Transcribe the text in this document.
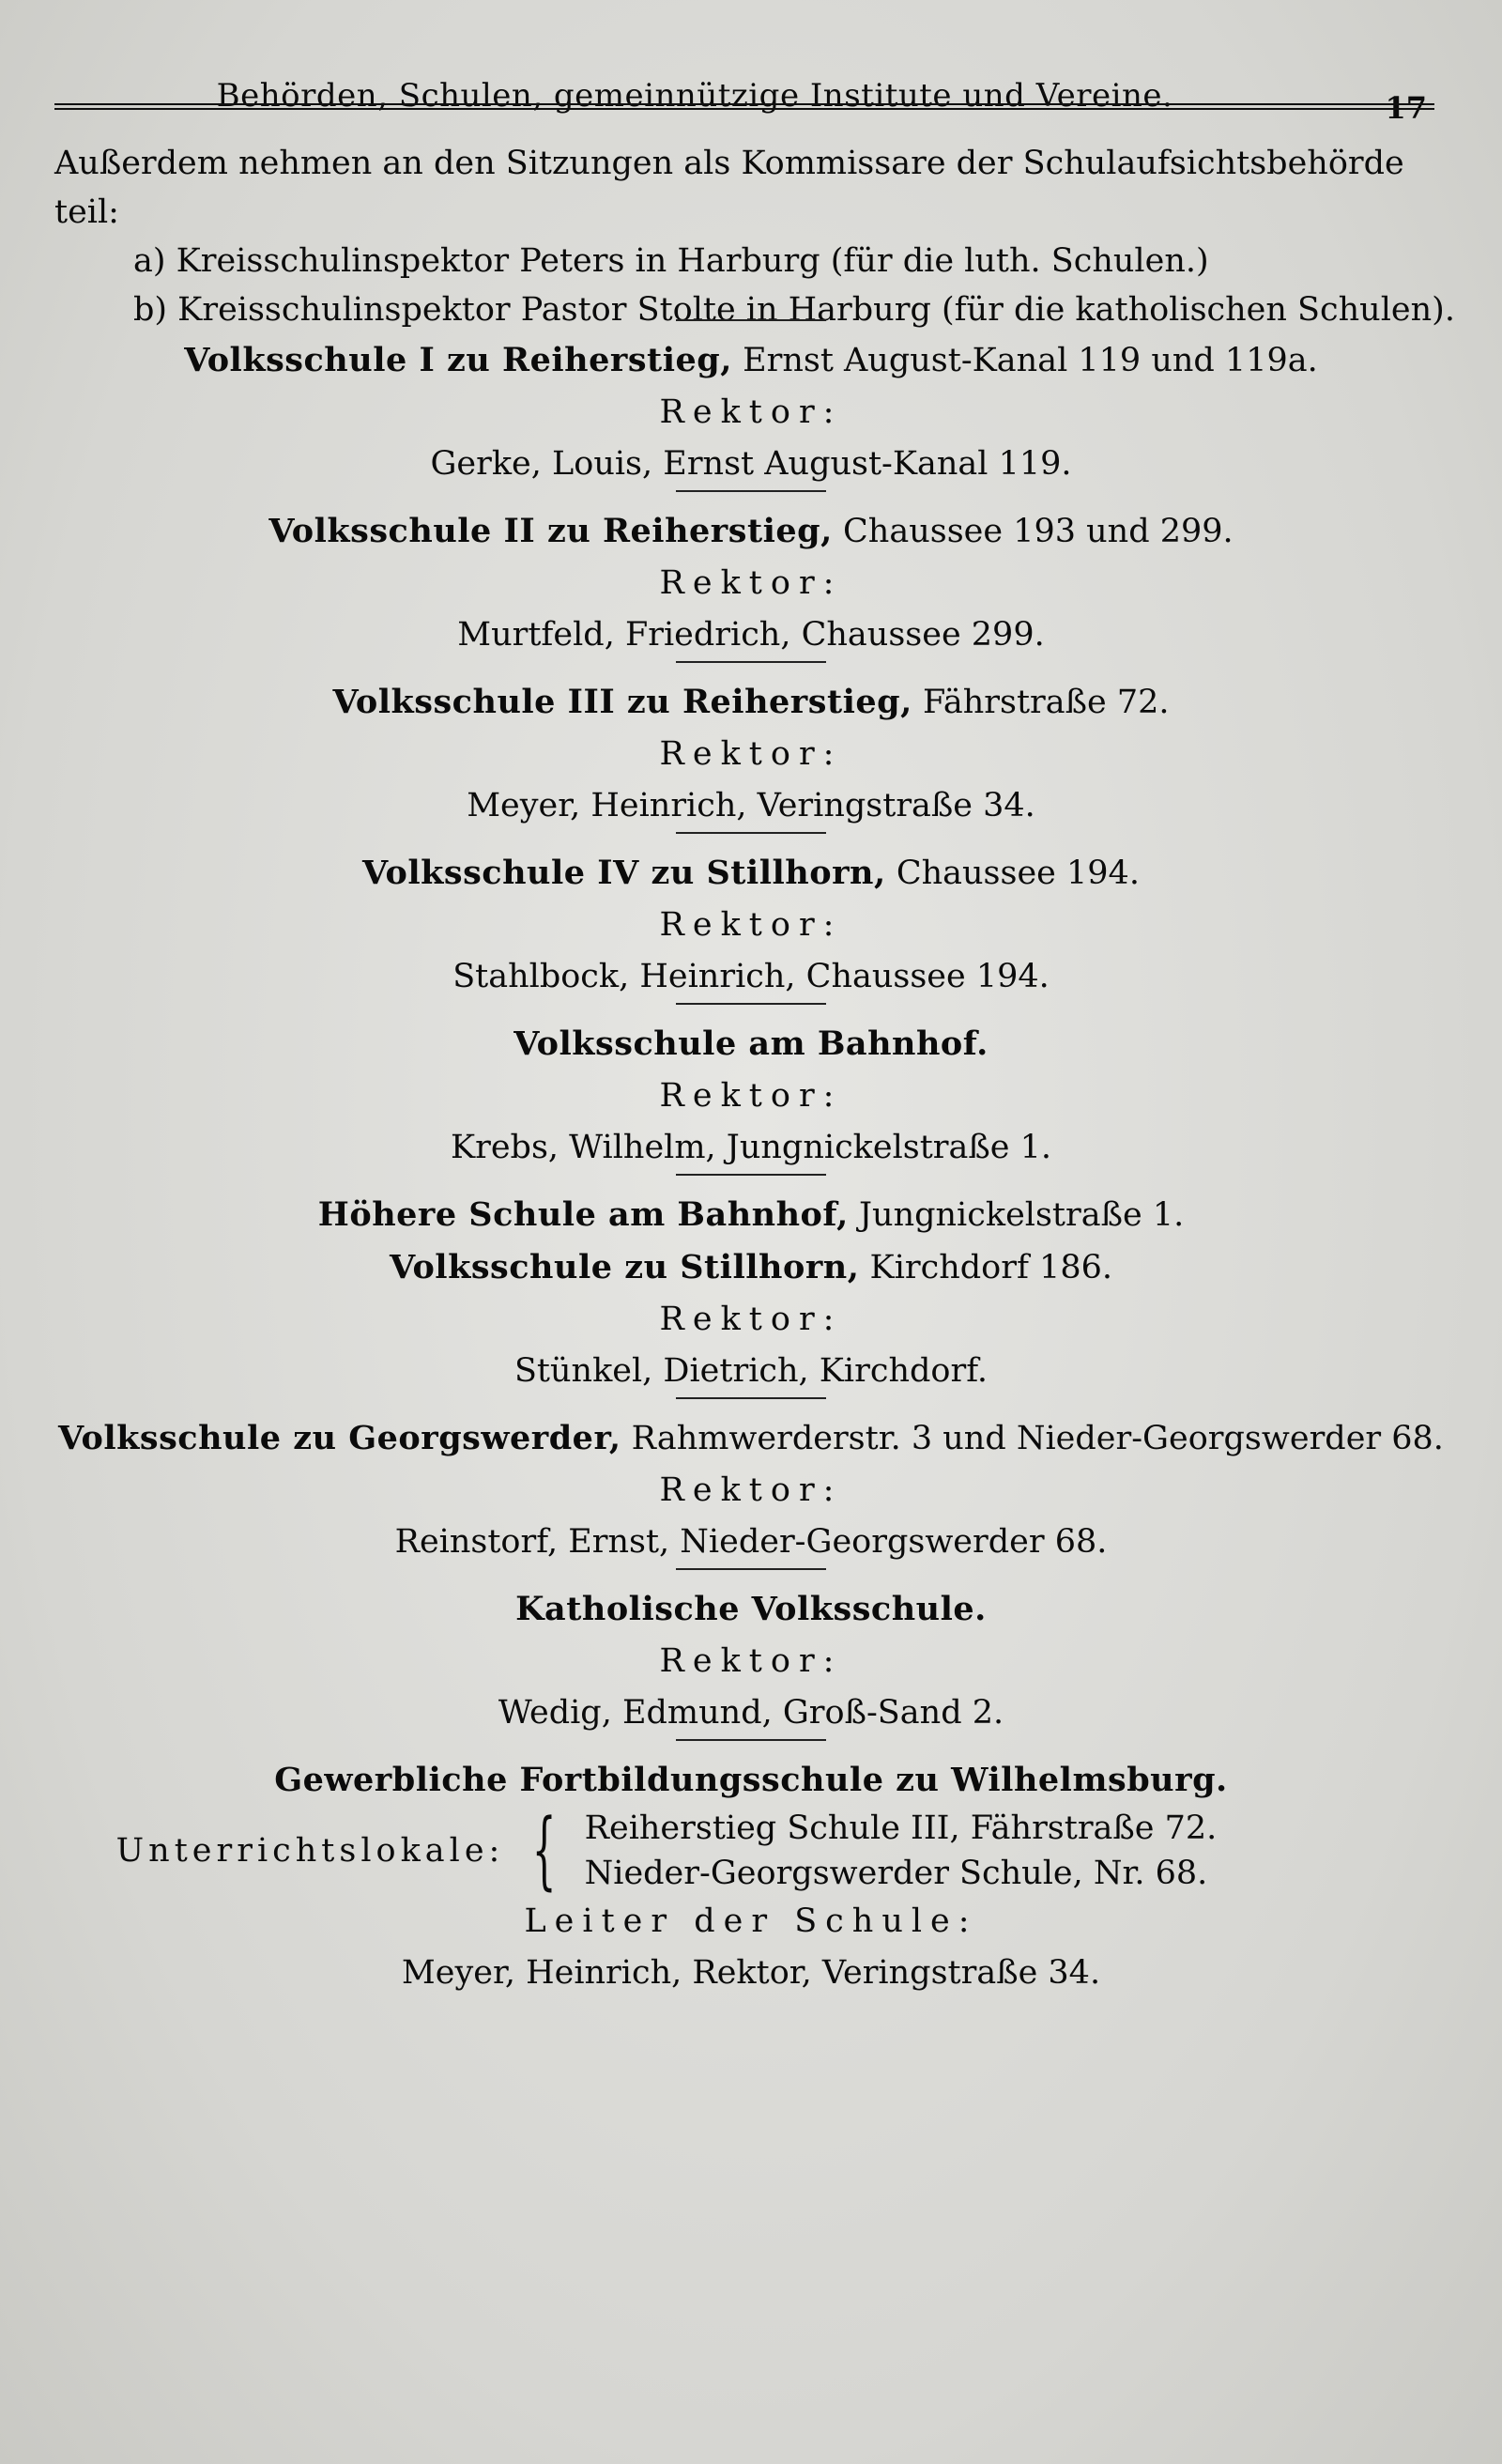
Behörden, Schulen, gemeinnützige Institute und Vereine.	17
Außerdem nehmen an den Sitzungen als Kommissare der Schulaufsichtsbehörde teil:
a) Kreisschulinspektor Peters in Harburg (für die luth. Schulen.)
b) Kreisschulinspektor Pastor Stolte in Harburg (für die katholischen Schulen).
Volksschule I zu Reiherstieg, Ernst August-Kanal 119 und 119a.
Rektor:
Gerke, Louis, Ernst August-Kanal 119.
Volksschule II zu Reiherstieg, Chaussee 193 und 299.
Rektor:
Murtfeld, Friedrich, Chaussee 299.
Volksschule III zu Reiherstieg, Fährstraße 72.
Rektor:
Meyer, Heinrich, Veringstraße 34.
Volksschule IV zu Stillhorn, Chaussee 194.
Rektor:
Stahlbock, Heinrich, Chaussee 194.
Volksschule am Bahnhof.
Rektor:
Krebs, Wilhelm, Jungnickelstraße 1.
Höhere Schule am Bahnhof, Jungnickelstraße 1.
Volksschule zu Stillhorn, Kirchdorf 186.
Rektor:
Stünkel, Dietrich, Kirchdorf.
Volksschule zu Georgswerder, Rahmwerderstr. 3 und Nieder-Georgswerder 68.
Rektor:
Reinstorf, Ernst, Nieder-Georgswerder 68.
Katholische Volksschule.
Rektor:
Wedig, Edmund, Groß-Sand 2.
Gewerbliche Fortbildungsschule zu Wilhelmsburg.
Unterrichtslokale: { Reiherstieg Schule III, Fährstraße 72.
Nieder-Georgswerder Schule, Nr. 68.
Leiter der Schule:
Meyer, Heinrich, Rektor, Veringstraße 34.
